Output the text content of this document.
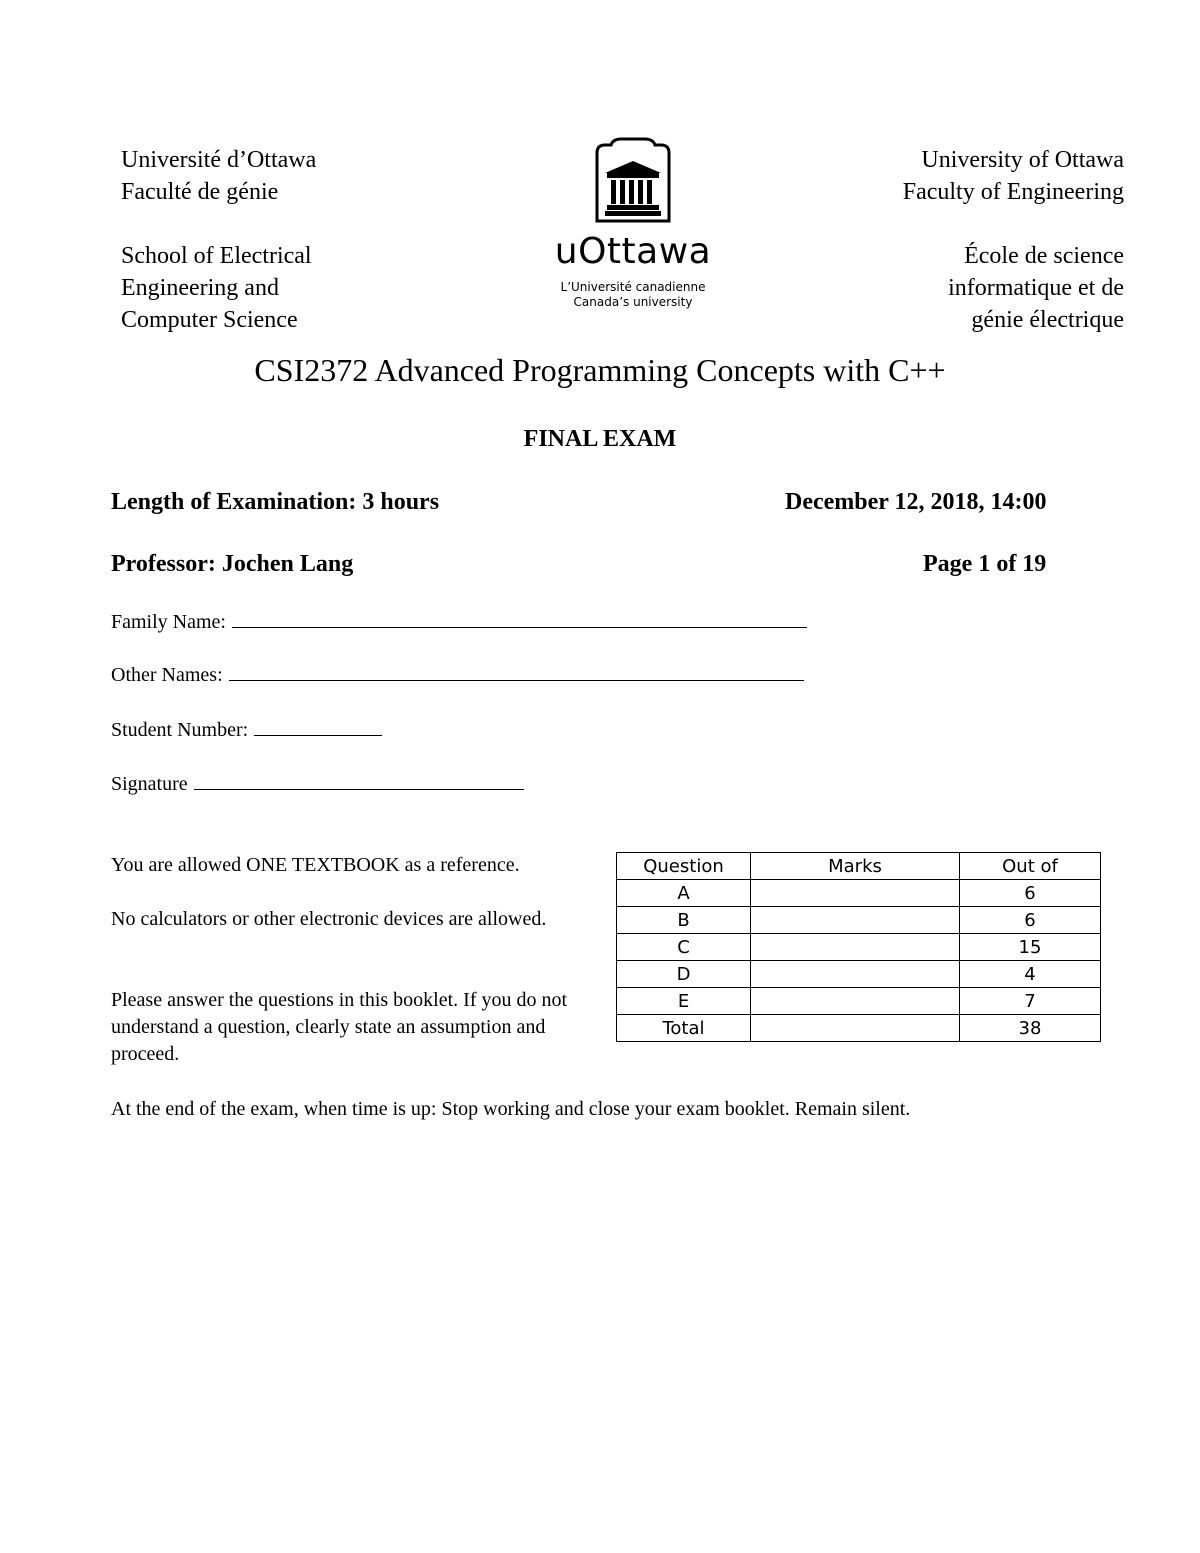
Université d’Ottawa
Faculté de génie
School of Electrical
Engineering and
Computer Science
University of Ottawa
Faculty of Engineering
École de science
informatique et de
génie électrique
uOttawa
L’Université canadienne
Canada’s university
CSI2372 Advanced Programming Concepts with C++
FINAL EXAM
Length of Examination: 3 hours	December 12, 2018, 14:00
Professor: Jochen Lang	Page 1 of 19
Family Name:
Other Names:
Student Number:
Signature
You are allowed ONE TEXTBOOK as a reference.
No calculators or other electronic devices are allowed.
Please answer the questions in this booklet. If you do not understand a question, clearly state an assumption and proceed.
At the end of the exam, when time is up: Stop working and close your exam booklet. Remain silent.
Question	Marks	Out of
A		6
B		6
C		15
D		4
E		7
Total		38
